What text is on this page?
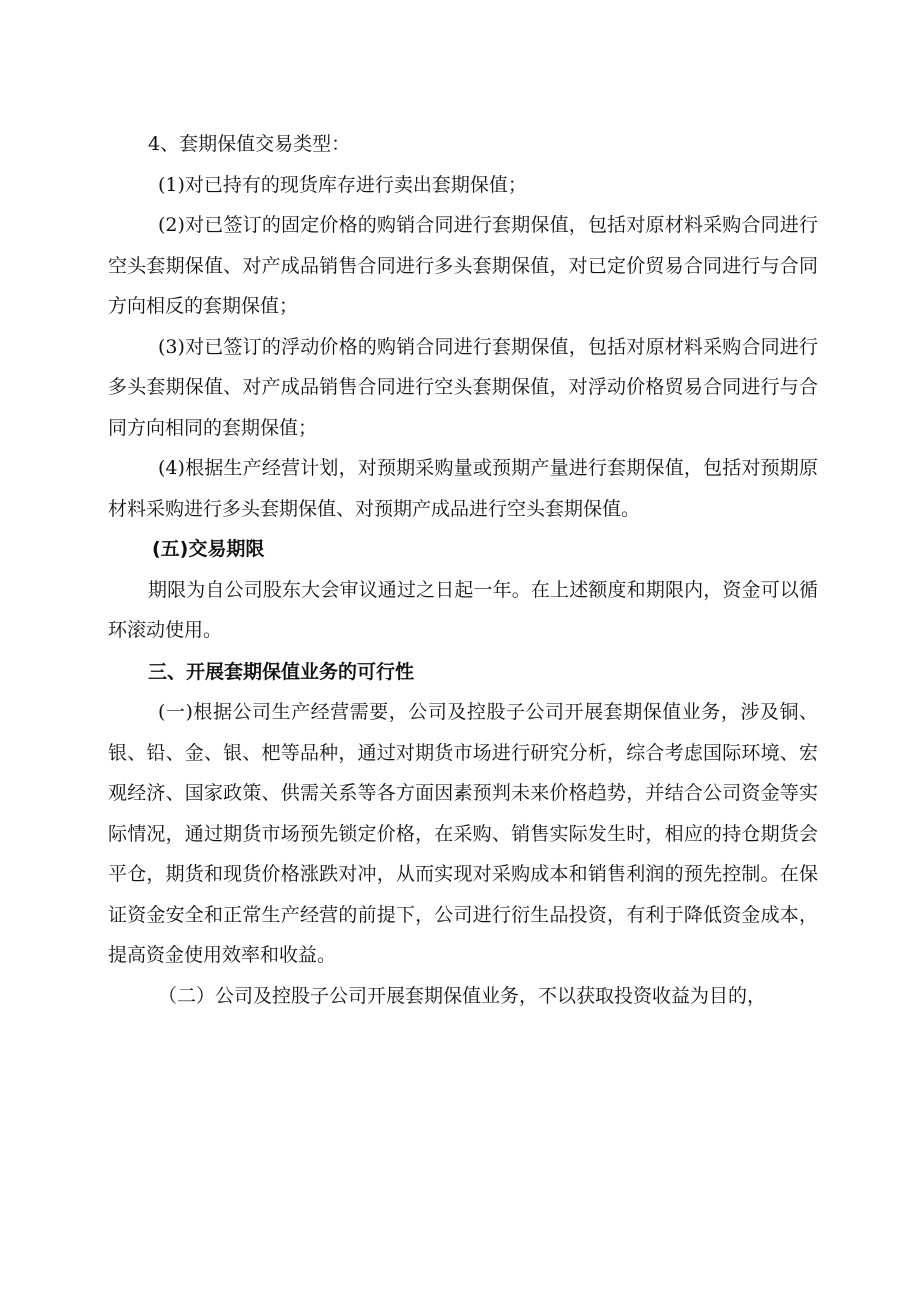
4、套期保值交易类型：

(1)对已持有的现货库存进行卖出套期保值；

(2)对已签订的固定价格的购销合同进行套期保值，包括对原材料采购合同进行空头套期保值、对产成品销售合同进行多头套期保值，对已定价贸易合同进行与合同方向相反的套期保值；

(3)对已签订的浮动价格的购销合同进行套期保值，包括对原材料采购合同进行多头套期保值、对产成品销售合同进行空头套期保值，对浮动价格贸易合同进行与合同方向相同的套期保值；

(4)根据生产经营计划，对预期采购量或预期产量进行套期保值，包括对预期原材料采购进行多头套期保值、对预期产成品进行空头套期保值。

(五)交易期限

期限为自公司股东大会审议通过之日起一年。在上述额度和期限内，资金可以循环滚动使用。

三、开展套期保值业务的可行性

(一)根据公司生产经营需要，公司及控股子公司开展套期保值业务，涉及铜、银、铅、金、银、杷等品种，通过对期货市场进行研究分析，综合考虑国际环境、宏观经济、国家政策、供需关系等各方面因素预判未来价格趋势，并结合公司资金等实际情况，通过期货市场预先锁定价格，在采购、销售实际发生时，相应的持仓期货会平仓，期货和现货价格涨跌对冲，从而实现对采购成本和销售利润的预先控制。在保证资金安全和正常生产经营的前提下，公司进行衍生品投资，有利于降低资金成本，提高资金使用效率和收益。

（二）公司及控股子公司开展套期保值业务，不以获取投资收益为目的，
